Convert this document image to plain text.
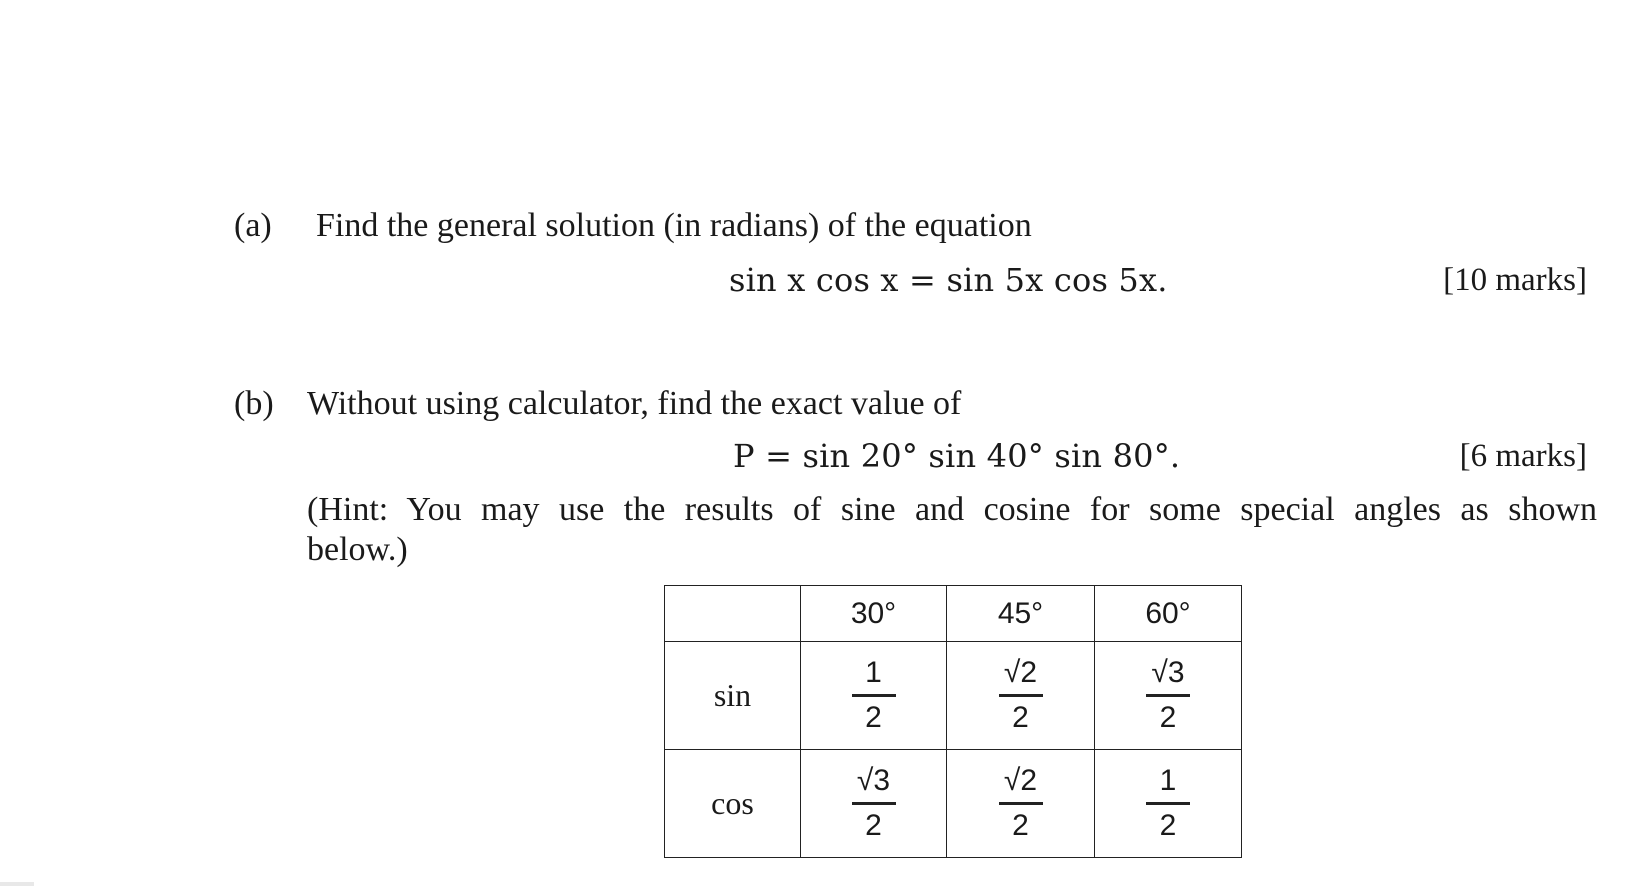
(a) Find the general solution (in radians) of the equation
sin x cos x = sin 5x cos 5x.	[10 marks]
(b) Without using calculator, find the exact value of
P = sin 20° sin 40° sin 80°.	[6 marks]
(Hint: You may use the results of sine and cosine for some special angles as shown below.)
	30°	45°	60°
sin	$\frac{1}{2}$	$\frac{√2}{2}$	$\frac{√3}{2}$

cos	$\frac{√3}{2}$	$\frac{√2}{2}$	$\frac{1}{2}$
